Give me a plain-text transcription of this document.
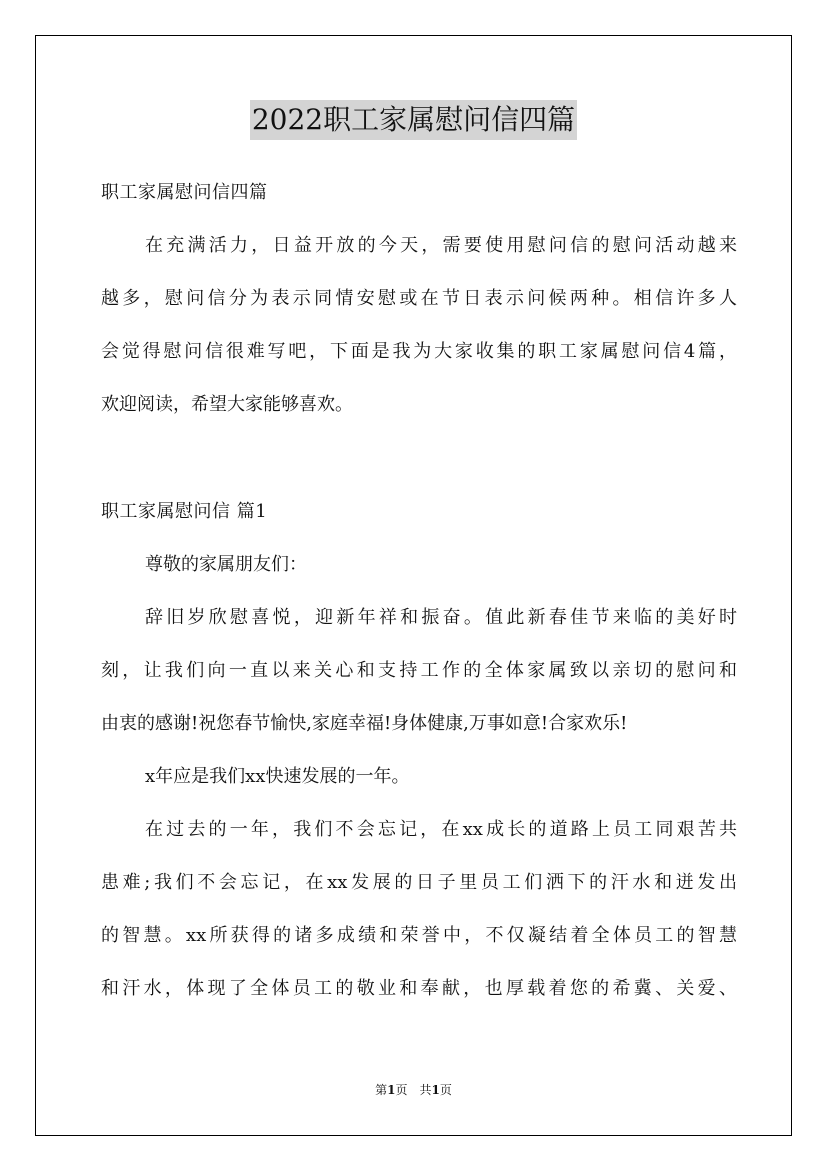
2022职工家属慰问信四篇
职工家属慰问信四篇
在充满活力，日益开放的今天，需要使用慰问信的慰问活动越来
越多，慰问信分为表示同情安慰或在节日表示问候两种。相信许多人
会觉得慰问信很难写吧，下面是我为大家收集的职工家属慰问信4篇，
欢迎阅读，希望大家能够喜欢。
职工家属慰问信 篇1
尊敬的家属朋友们：
辞旧岁欣慰喜悦，迎新年祥和振奋。值此新春佳节来临的美好时
刻，让我们向一直以来关心和支持工作的全体家属致以亲切的慰问和
由衷的感谢!祝您春节愉快,家庭幸福!身体健康,万事如意!合家欢乐!
x年应是我们xx快速发展的一年。
在过去的一年，我们不会忘记，在xx成长的道路上员工同艰苦共
患难;我们不会忘记，在xx发展的日子里员工们洒下的汗水和迸发出
的智慧。xx所获得的诸多成绩和荣誉中，不仅凝结着全体员工的智慧
和汗水，体现了全体员工的敬业和奉献，也厚载着您的希冀、关爱、
第1页　共1页
